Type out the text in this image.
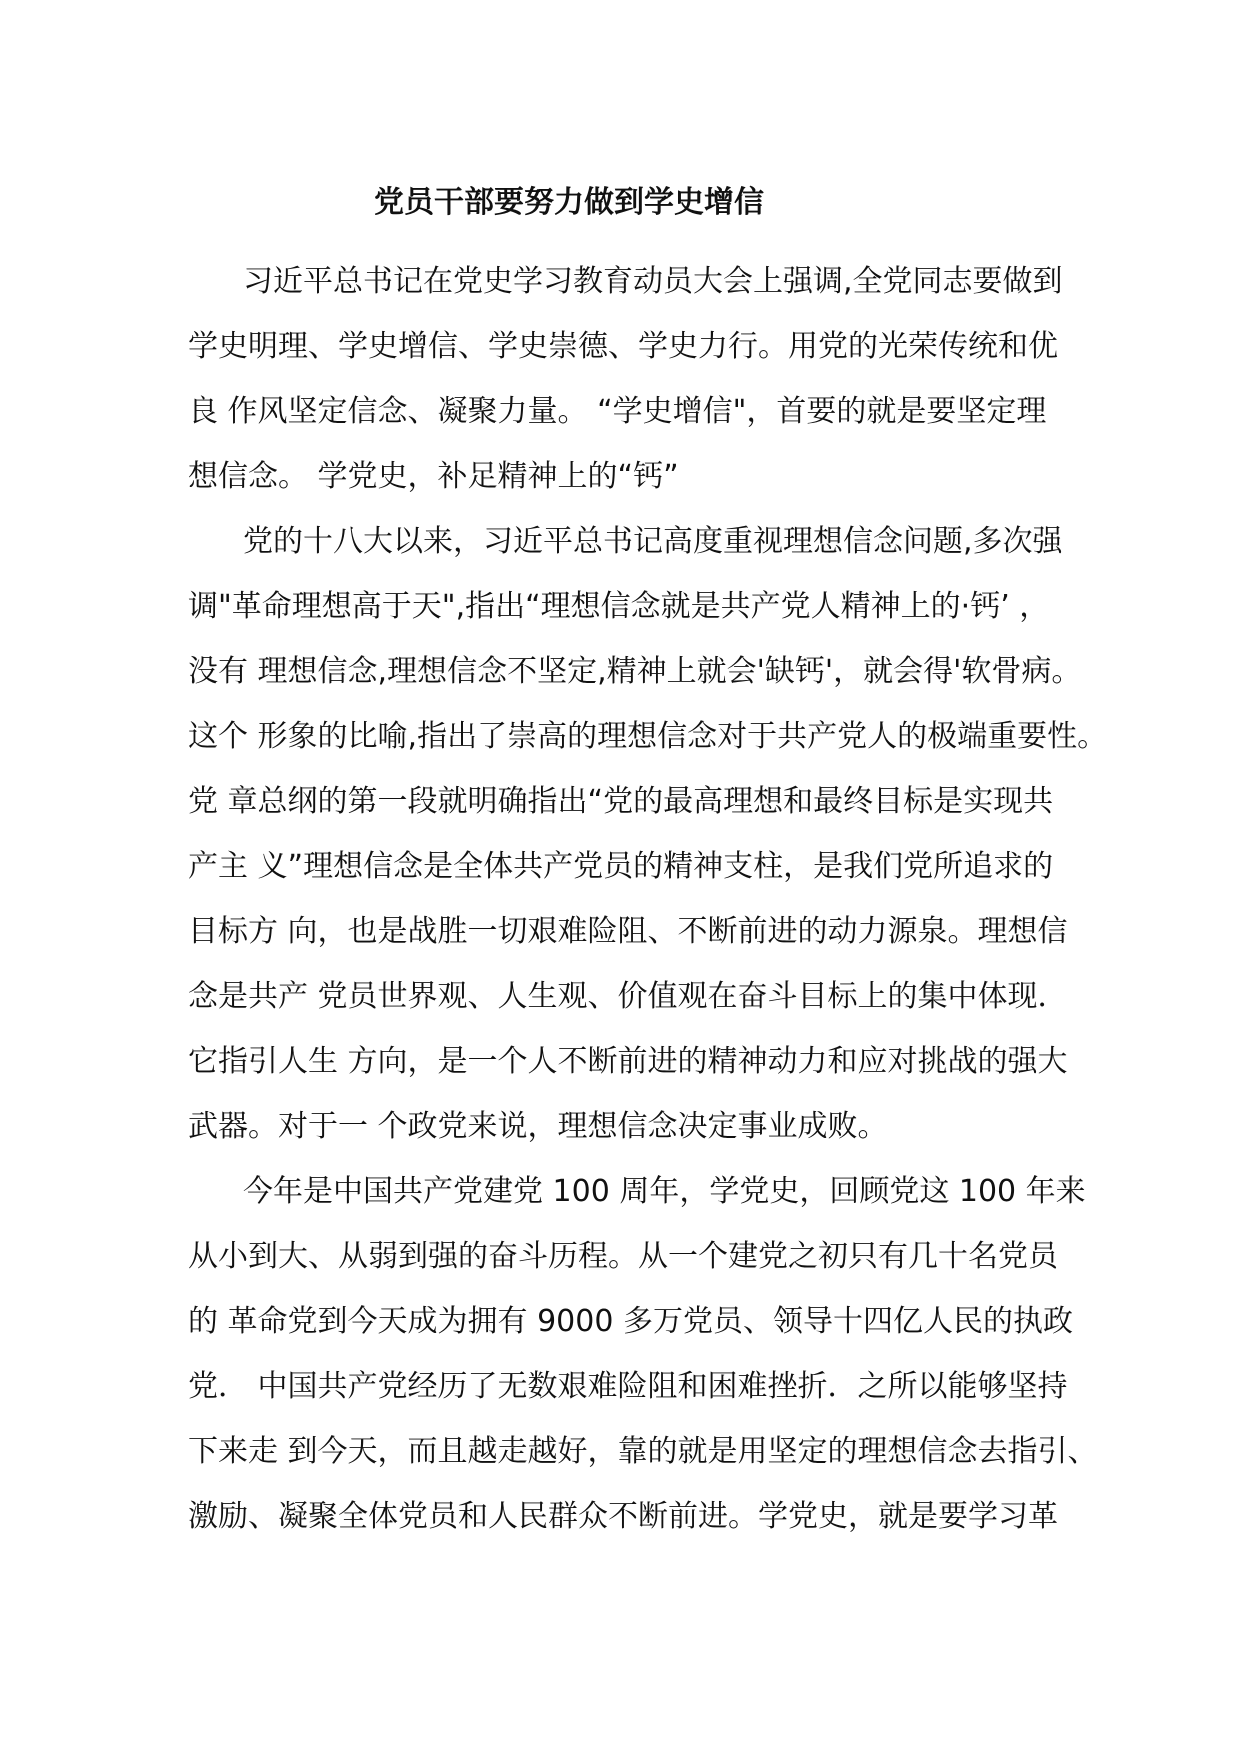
党员干部要努力做到学史增信

习近平总书记在党史学习教育动员大会上强调,全党同志要做到
学史明理、学史增信、学史崇德、学史力行。用党的光荣传统和优
良 作风坚定信念、凝聚力量。 “学史增信"，首要的就是要坚定理
想信念。 学党史，补足精神上的“钙”

党的十八大以来，习近平总书记高度重视理想信念问题,多次强
调"革命理想高于天",指出“理想信念就是共产党人精神上的·钙’ ，
没有 理想信念,理想信念不坚定,精神上就会'缺钙'，就会得'软骨病。
这个 形象的比喻,指出了崇高的理想信念对于共产党人的极端重要性。
党 章总纲的第一段就明确指出“党的最高理想和最终目标是实现共
产主 义”理想信念是全体共产党员的精神支柱，是我们党所追求的
目标方 向，也是战胜一切艰难险阻、不断前进的动力源泉。理想信
念是共产 党员世界观、人生观、价值观在奋斗目标上的集中体现．
它指引人生 方向，是一个人不断前进的精神动力和应对挑战的强大
武器。对于一 个政党来说，理想信念决定事业成败。

今年是中国共产党建党 100 周年，学党史，回顾党这 100 年来
从小到大、从弱到强的奋斗历程。从一个建党之初只有几十名党员
的 革命党到今天成为拥有 9000 多万党员、领导十四亿人民的执政
党． 中国共产党经历了无数艰难险阻和困难挫折．之所以能够坚持
下来走 到今天，而且越走越好，靠的就是用坚定的理想信念去指引、
激励、凝聚全体党员和人民群众不断前进。学党史，就是要学习革
